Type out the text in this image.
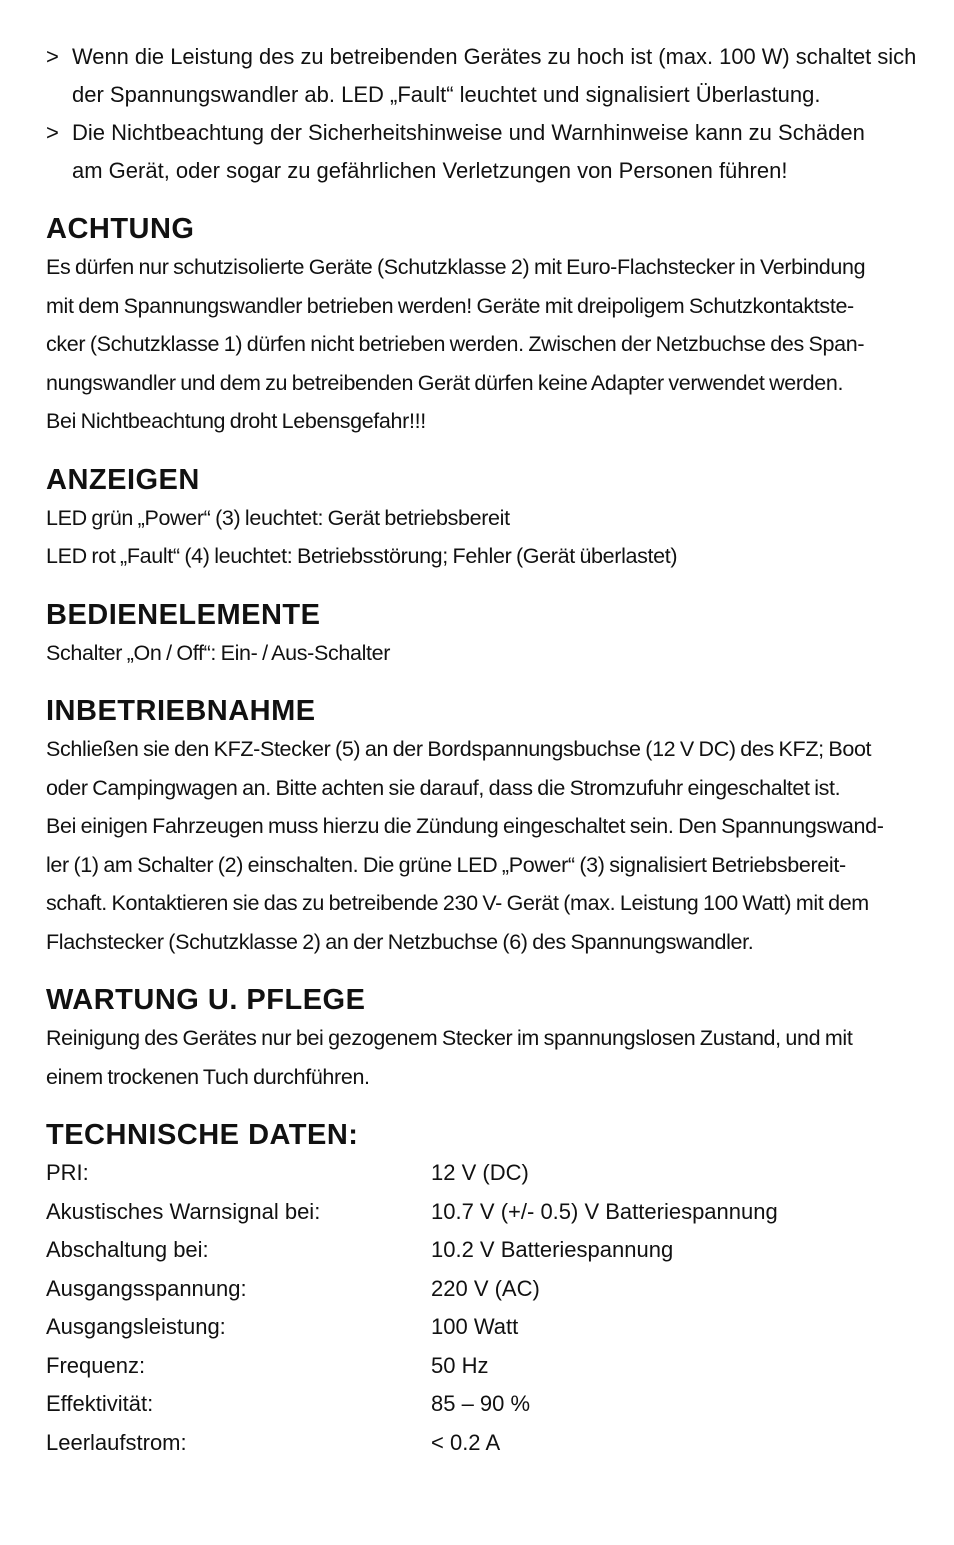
> Wenn die Leistung des zu betreibenden Gerätes zu hoch ist (max. 100 W) schaltet sich
der Spannungswandler ab. LED „Fault“ leuchtet und signalisiert Überlastung.
> Die Nichtbeachtung der Sicherheitshinweise und Warnhinweise kann zu Schäden
am Gerät, oder sogar zu gefährlichen Verletzungen von Personen führen!
ACHTUNG

Es dürfen nur schutzisolierte Geräte (Schutzklasse 2) mit Euro-Flachstecker in Verbindung
mit dem Spannungswandler betrieben werden! Geräte mit dreipoligem Schutzkontaktste-
cker (Schutzklasse 1) dürfen nicht betrieben werden. Zwischen der Netzbuchse des Span-
nungswandler und dem zu betreibenden Gerät dürfen keine Adapter verwendet werden.
Bei Nichtbeachtung droht Lebensgefahr!!!

ANZEIGEN

LED grün „Power“ (3) leuchtet: Gerät betriebsbereit
LED rot „Fault“ (4) leuchtet: Betriebsstörung; Fehler (Gerät überlastet)

BEDIENELEMENTE

Schalter „On / Off“: Ein- / Aus-Schalter

INBETRIEBNAHME

Schließen sie den KFZ-Stecker (5) an der Bordspannungsbuchse (12 V DC) des KFZ; Boot
oder Campingwagen an. Bitte achten sie darauf, dass die Stromzufuhr eingeschaltet ist.
Bei einigen Fahrzeugen muss hierzu die Zündung eingeschaltet sein. Den Spannungswand-
ler (1) am Schalter (2) einschalten. Die grüne LED „Power“ (3) signalisiert Betriebsbereit-
schaft. Kontaktieren sie das zu betreibende 230 V- Gerät (max. Leistung 100 Watt) mit dem
Flachstecker (Schutzklasse 2) an der Netzbuchse (6) des Spannungswandler.

WARTUNG U. PFLEGE

Reinigung des Gerätes nur bei gezogenem Stecker im spannungslosen Zustand, und mit
einem trockenen Tuch durchführen.

TECHNISCHE DATEN:
PRI:	12 V (DC)
Akustisches Warnsignal bei:	10.7 V (+/- 0.5) V Batteriespannung
Abschaltung bei:	10.2 V Batteriespannung
Ausgangsspannung:	220 V (AC)
Ausgangsleistung:	100 Watt
Frequenz:	50 Hz
Effektivität:	85 – 90 %
Leerlaufstrom:	< 0.2 A
